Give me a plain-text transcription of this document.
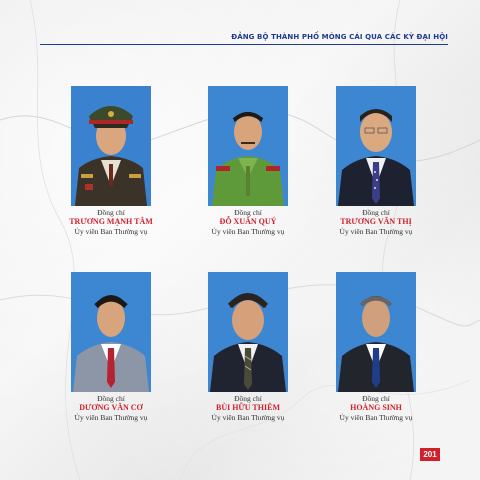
ĐẢNG BỘ THÀNH PHỐ MÓNG CÁI QUA CÁC KỲ ĐẠI HỘI
Đồng chí
TRƯƠNG MẠNH TÂM
Ủy viên Ban Thường vụ
Đồng chí
ĐỖ XUÂN QUÝ
Ủy viên Ban Thường vụ
Đồng chí
TRƯƠNG VĂN THỊ
Ủy viên Ban Thường vụ
Đồng chí
DƯƠNG VĂN CƠ
Ủy viên Ban Thường vụ
Đồng chí
BÙI HỮU THIÊM
Ủy viên Ban Thường vụ
Đồng chí
HOÀNG SINH
Ủy viên Ban Thường vụ
201
